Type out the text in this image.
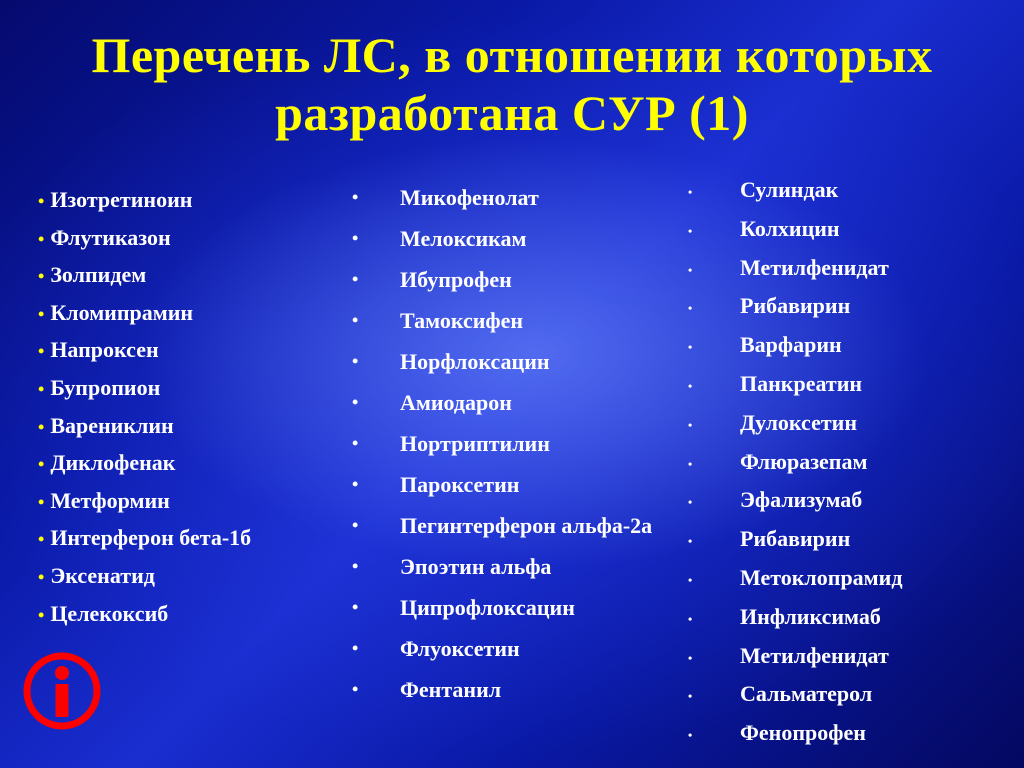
Перечень ЛС, в отношении которых
разработана СУР (1)
• Изотретиноин
• Флутиказон
• Золпидем
• Кломипрамин
• Напроксен
• Бупропион
• Варениклин
• Диклофенак
• Метформин
• Интерферон бета-1б
• Эксенатид
• Целекоксиб
• Микофенолат
• Мелоксикам
• Ибупрофен
• Тамоксифен
• Норфлоксацин
• Амиодарон
• Нортриптилин
• Пароксетин
• Пегинтерферон альфа-2а
• Эпоэтин альфа
• Ципрофлоксацин
• Флуоксетин
• Фентанил
• Сулиндак
• Колхицин
• Метилфенидат
• Рибавирин
• Варфарин
• Панкреатин
• Дулоксетин
• Флюразепам
• Эфализумаб
• Рибавирин
• Метоклопрамид
• Инфликсимаб
• Метилфенидат
• Сальматерол
• Фенопрофен
